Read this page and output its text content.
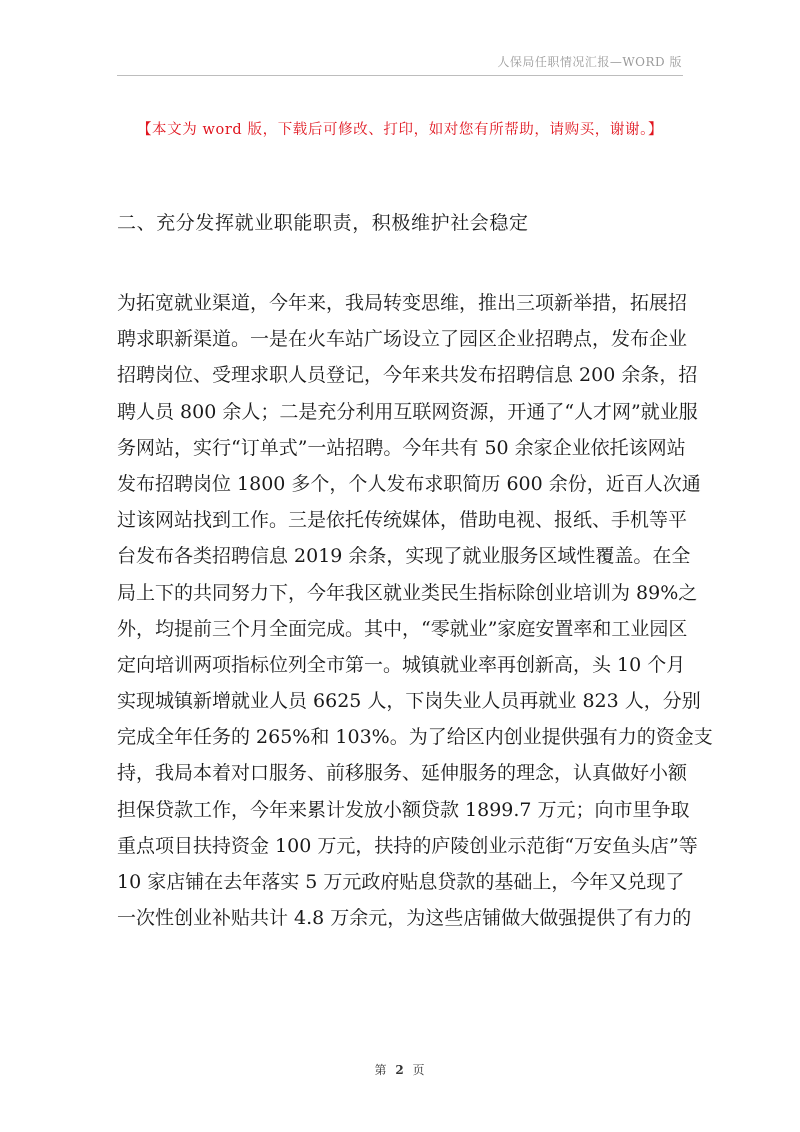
人保局任职情况汇报—WORD 版
【本文为 word 版，下载后可修改、打印，如对您有所帮助，请购买，谢谢。】
二、充分发挥就业职能职责，积极维护社会稳定
为拓宽就业渠道，今年来，我局转变思维，推出三项新举措，拓展招
聘求职新渠道。一是在火车站广场设立了园区企业招聘点，发布企业
招聘岗位、受理求职人员登记，今年来共发布招聘信息 200 余条，招
聘人员 800 余人；二是充分利用互联网资源，开通了“人才网”就业服
务网站，实行“订单式”一站招聘。今年共有 50 余家企业依托该网站
发布招聘岗位 1800 多个，个人发布求职简历 600 余份，近百人次通
过该网站找到工作。三是依托传统媒体，借助电视、报纸、手机等平
台发布各类招聘信息 2019 余条，实现了就业服务区域性覆盖。在全
局上下的共同努力下，今年我区就业类民生指标除创业培训为 89%之
外，均提前三个月全面完成。其中，“零就业”家庭安置率和工业园区
定向培训两项指标位列全市第一。城镇就业率再创新高，头 10 个月
实现城镇新增就业人员 6625 人，下岗失业人员再就业 823 人，分别
完成全年任务的 265%和 103%。为了给区内创业提供强有力的资金支
持，我局本着对口服务、前移服务、延伸服务的理念，认真做好小额
担保贷款工作，今年来累计发放小额贷款 1899.7 万元；向市里争取
重点项目扶持资金 100 万元，扶持的庐陵创业示范街“万安鱼头店”等
10 家店铺在去年落实 5 万元政府贴息贷款的基础上，今年又兑现了
一次性创业补贴共计 4.8 万余元，为这些店铺做大做强提供了有力的
第 2 页
